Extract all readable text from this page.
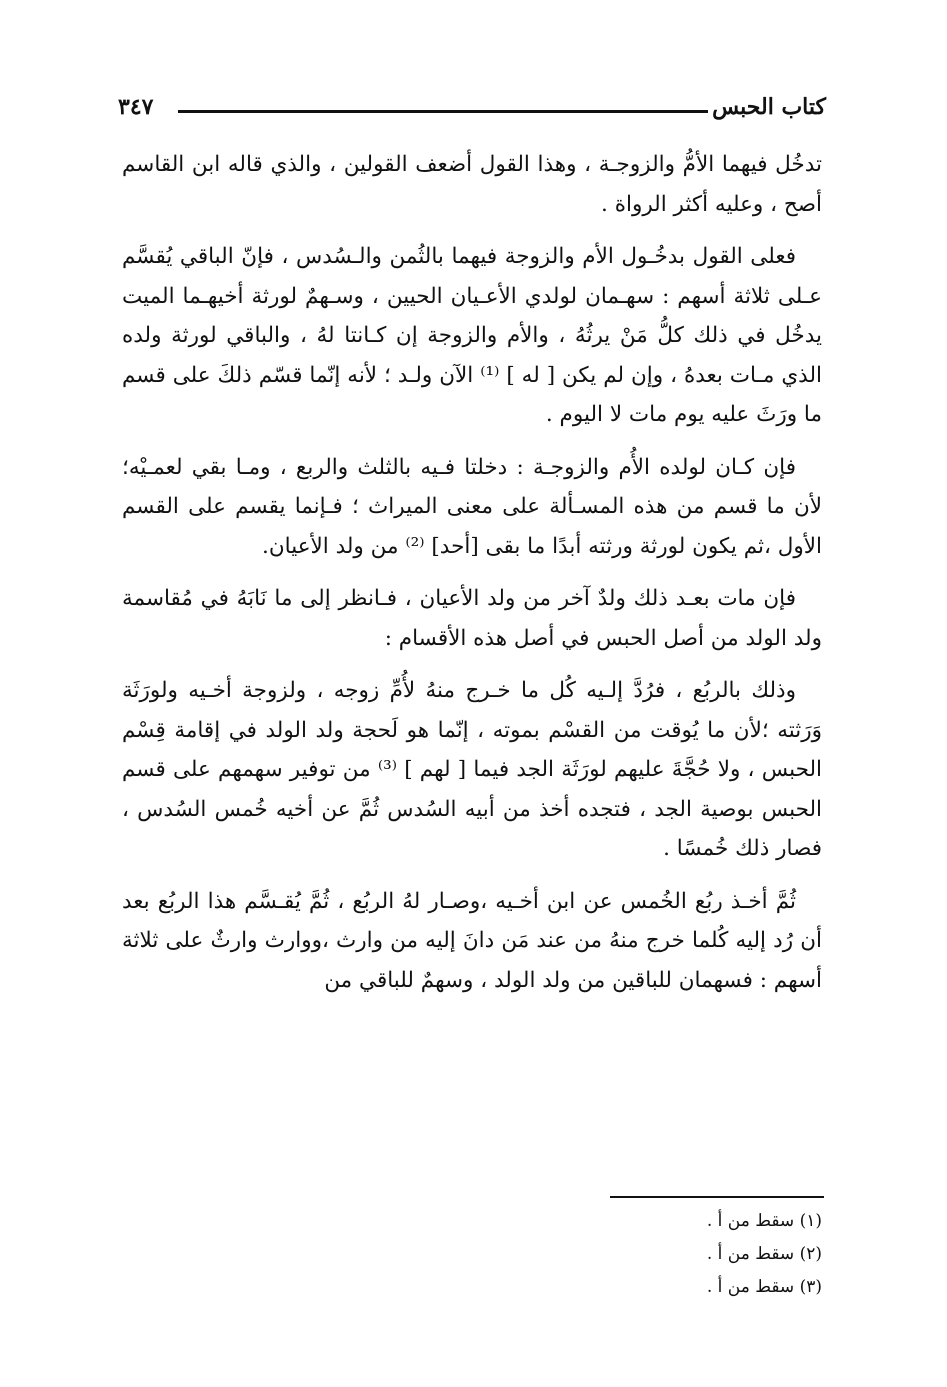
كتاب الحبس
٣٤٧

تدخُل فيهما الأمُّ والزوجـة ، وهذا القول أضعف القولين ، والذي قاله ابن القاسم أصح ، وعليه أكثر الرواة .

فعلى القول بدخُـول الأم والزوجة فيهما بالثُمن والـسُدس ، فإنّ الباقي يُقسَّم عـلى ثلاثة أسهم : سهـمان لولدي الأعـيان الحيين ، وسـهمٌ لورثة أخيهـما الميت يدخُل في ذلك كلُّ مَنْ يرثُهُ ، والأم والزوجة إن كـانتا لهُ ، والباقي لورثة ولده الذي مـات بعدهُ ، وإن لم يكن [ له ] ⁽¹⁾ الآن ولـد ؛ لأنه إنّما قسّم ذلكَ على قسم ما ورَثَ عليه يوم مات لا اليوم .

فإن كـان لولده الأُم والزوجـة : دخلتا فـيه بالثلث والربع ، ومـا بقي لعمـيْه؛ لأن ما قسم من هذه المسـألة على معنى الميراث ؛ فـإنما يقسم على القسم الأول ،ثم يكون لورثة ورثته أبدًا ما بقى [أحد] ⁽²⁾ من ولد الأعيان.

فإن مات بعـد ذلك ولدٌ آخر من ولد الأعيان ، فـانظر إلى ما نَابَهُ في مُقاسمة ولد الولد من أصل الحبس في أصل هذه الأقسام :

وذلك بالربُع ، فرُدَّ إلـيه كُل ما خـرج منهُ لأُمِّ زوجه ، ولزوجة أخـيه ولورَثَة وَرَثته ؛لأن ما يُوقت من القسْم بموته ، إنّما هو لَحجة ولد الولد في إقامة قِسْم الحبس ، ولا حُجَّةَ عليهم لورَثَة الجد فيما [ لهم ] ⁽³⁾ من توفير سهمهم على قسم الحبس بوصية الجد ، فتجده أخذ من أبيه السُدس ثُمَّ عن أخيه خُمس السُدس ، فصار ذلك خُمسًا .

ثُمَّ أخـذ ربُع الخُمس عن ابن أخـيه ،وصـار لهُ الربُع ، ثُمَّ يُقـسَّم هذا الربُع بعد أن رُد إليه كُلما خرج منهُ من عند مَن دانَ إليه من وارث ،ووارث وارثٌ على ثلاثة أسهم : فسهمان للباقين من ولد الولد ، وسهمٌ للباقي من

(١) سقط من أ .
(٢) سقط من أ .
(٣) سقط من أ .
